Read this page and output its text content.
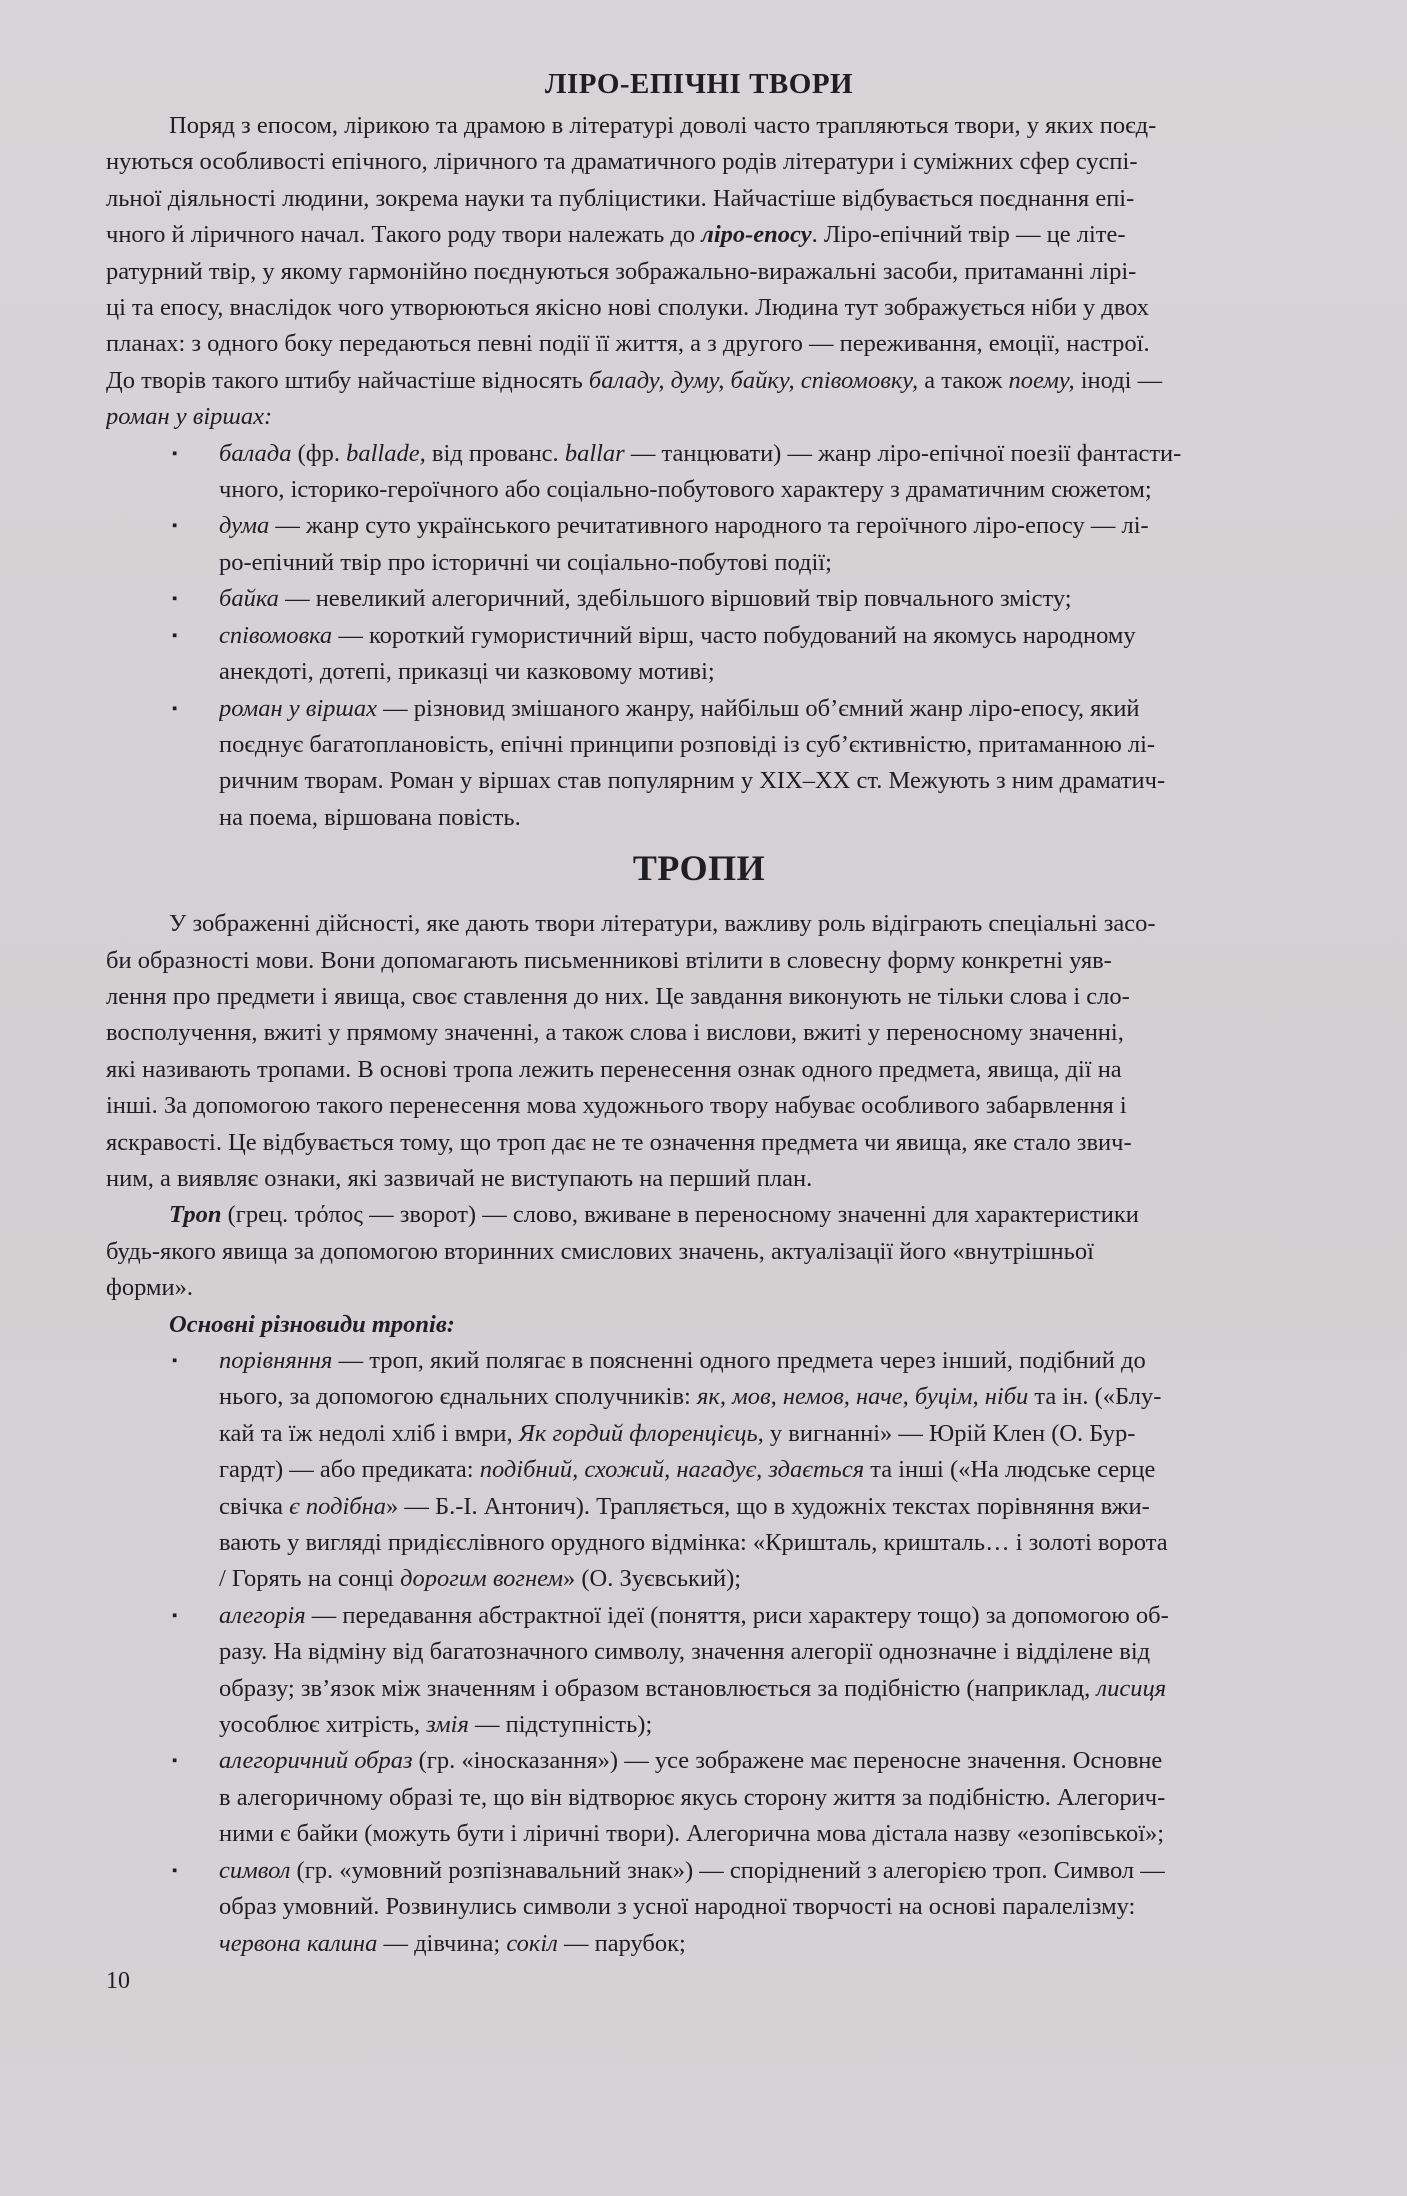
ЛІРО-ЕПІЧНІ ТВОРИ
Поряд з епосом, лірикою та драмою в літературі доволі часто трапляються твори, у яких поєд-
нуються особливості епічного, ліричного та драматичного родів літератури і суміжних сфер суспі-
льної діяльності людини, зокрема науки та публіцистики. Найчастіше відбувається поєднання епі-
чного й ліричного начал. Такого роду твори належать до ліро-епосу. Ліро-епічний твір — це літе-
ратурний твір, у якому гармонійно поєднуються зображально-виражальні засоби, притаманні лірі-
ці та епосу, внаслідок чого утворюються якісно нові сполуки. Людина тут зображується ніби у двох
планах: з одного боку передаються певні події її життя, а з другого — переживання, емоції, настрої.
До творів такого штибу найчастіше відносять баладу, думу, байку, співомовку, а також поему, іноді —
роман у віршах:
▪ балада (фр. ballade, від прованс. ballar — танцювати) — жанр ліро-епічної поезії фантасти-
чного, історико-героїчного або соціально-побутового характеру з драматичним сюжетом;
▪ дума — жанр суто українського речитативного народного та героїчного ліро-епосу — лі-
ро-епічний твір про історичні чи соціально-побутові події;
▪ байка — невеликий алегоричний, здебільшого віршовий твір повчального змісту;
▪ співомовка — короткий гумористичний вірш, часто побудований на якомусь народному
анекдоті, дотепі, приказці чи казковому мотиві;
▪ роман у віршах — різновид змішаного жанру, найбільш об’ємний жанр ліро-епосу, який
поєднує багатоплановість, епічні принципи розповіді із суб’єктивністю, притаманною лі-
ричним творам. Роман у віршах став популярним у XIX–XX ст. Межують з ним драматич-
на поема, віршована повість.
ТРОПИ
У зображенні дійсності, яке дають твори літератури, важливу роль відіграють спеціальні засо-
би образності мови. Вони допомагають письменникові втілити в словесну форму конкретні уяв-
лення про предмети і явища, своє ставлення до них. Це завдання виконують не тільки слова і сло-
восполучення, вжиті у прямому значенні, а також слова і вислови, вжиті у переносному значенні,
які називають тропами. В основі тропа лежить перенесення ознак одного предмета, явища, дії на
інші. За допомогою такого перенесення мова художнього твору набуває особливого забарвлення і
яскравості. Це відбувається тому, що троп дає не те означення предмета чи явища, яке стало звич-
ним, а виявляє ознаки, які зазвичай не виступають на перший план.
Троп (грец. τρόπος — зворот) — слово, вживане в переносному значенні для характеристики
будь-якого явища за допомогою вторинних смислових значень, актуалізації його «внутрішньої
форми».
Основні різновиди тропів:
▪ порівняння — троп, який полягає в поясненні одного предмета через інший, подібний до
нього, за допомогою єднальних сполучників: як, мов, немов, наче, буцім, ніби та ін. («Блу-
кай та їж недолі хліб і вмри, Як гордий флоренцієць, у вигнанні» — Юрій Клен (О. Бур-
гардт) — або предиката: подібний, схожий, нагадує, здається та інші («На людське серце
свічка є подібна» — Б.-І. Антонич). Трапляється, що в художніх текстах порівняння вжи-
вають у вигляді придієслівного орудного відмінка: «Кришталь, кришталь… і золоті ворота
/ Горять на сонці дорогим вогнем» (О. Зуєвський);
▪ алегорія — передавання абстрактної ідеї (поняття, риси характеру тощо) за допомогою об-
разу. На відміну від багатозначного символу, значення алегорії однозначне і відділене від
образу; зв’язок між значенням і образом встановлюється за подібністю (наприклад, лисиця
уособлює хитрість, змія — підступність);
▪ алегоричний образ (гр. «іносказання») — усе зображене має переносне значення. Основне
в алегоричному образі те, що він відтворює якусь сторону життя за подібністю. Алегорич-
ними є байки (можуть бути і ліричні твори). Алегорична мова дістала назву «езопівської»;
▪ символ (гр. «умовний розпізнавальний знак») — споріднений з алегорією троп. Символ —
образ умовний. Розвинулись символи з усної народної творчості на основі паралелізму:
червона калина — дівчина; сокіл — парубок;
10
